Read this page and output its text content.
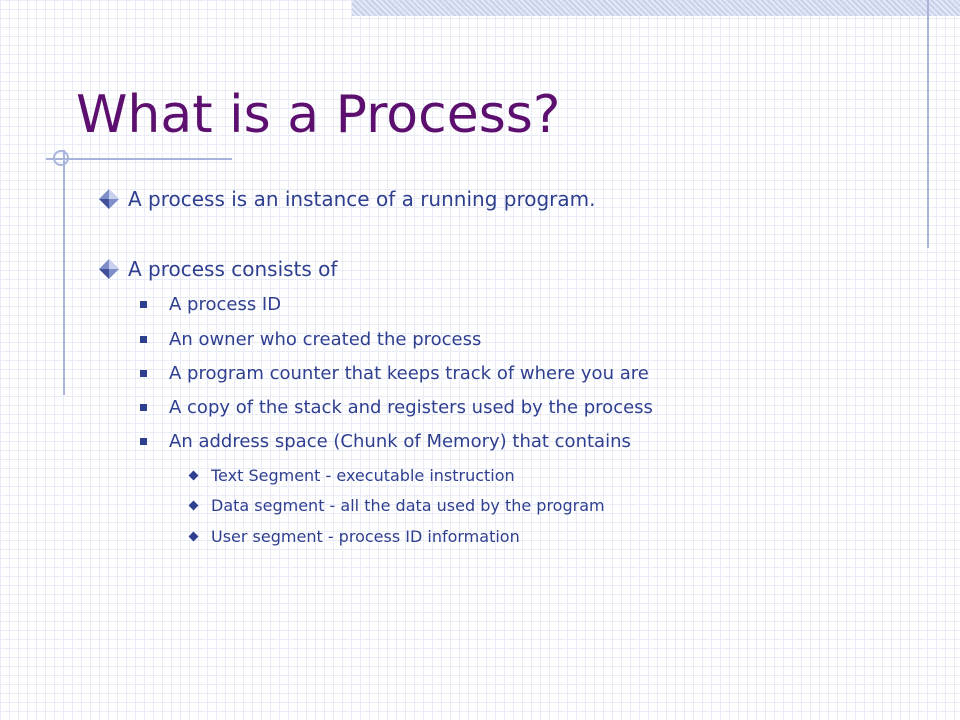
What is a Process?
A process is an instance of a running program.
A process consists of
A process ID
An owner who created the process
A program counter that keeps track of where you are
A copy of the stack and registers used by the process
An address space (Chunk of Memory) that contains
Text Segment - executable instruction
Data segment - all the data used by the program
User segment - process ID information
